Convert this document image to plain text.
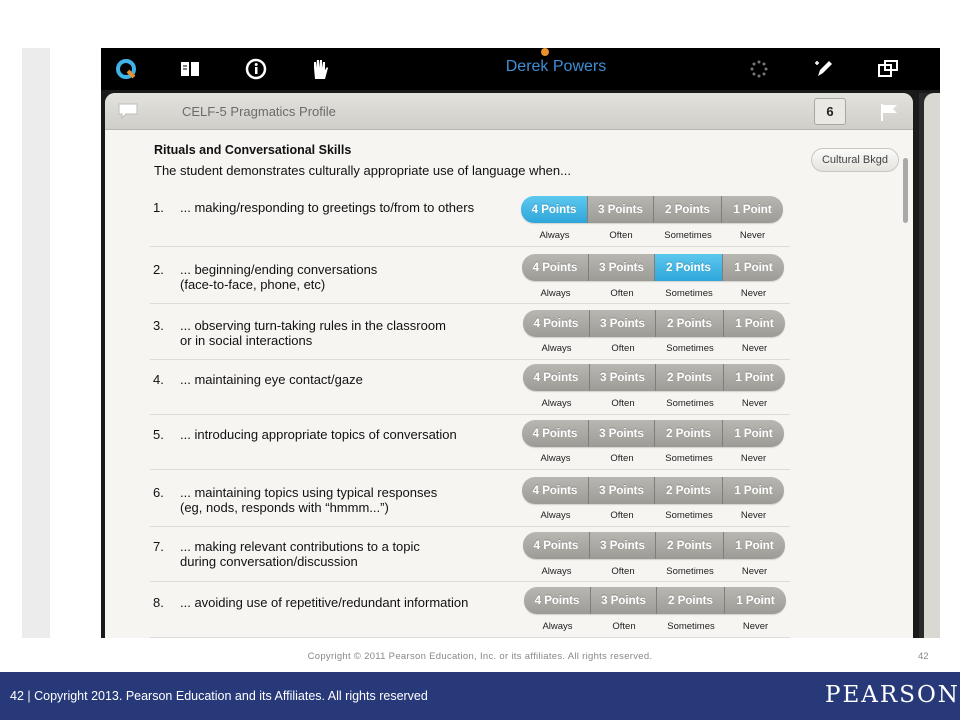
Derek Powers
CELF-5 Pragmatics Profile	6
Rituals and Conversational Skills
The student demonstrates culturally appropriate use of language when...
Cultural Bkgd
1. ... making/responding to greetings to/from to others	4 Points	3 Points	2 Points	1 Point
Always	Often	Sometimes	Never
2. ... beginning/ending conversations
(face-to-face, phone, etc)
4 Points	3 Points	2 Points	1 Point
Always	Often	Sometimes	Never
3. ... observing turn-taking rules in the classroom
or in social interactions
4 Points	3 Points	2 Points	1 Point
Always	Often	Sometimes	Never
4. ... maintaining eye contact/gaze	4 Points	3 Points	2 Points	1 Point
Always	Often	Sometimes	Never
5. ... introducing appropriate topics of conversation	4 Points	3 Points	2 Points	1 Point
Always	Often	Sometimes	Never
6. ... maintaining topics using typical responses
(eg, nods, responds with “hmmm...”)
4 Points	3 Points	2 Points	1 Point
Always	Often	Sometimes	Never
7. ... making relevant contributions to a topic
during conversation/discussion
4 Points	3 Points	2 Points	1 Point
Always	Often	Sometimes	Never
8. ... avoiding use of repetitive/redundant information	4 Points	3 Points	2 Points	1 Point
Always	Often	Sometimes	Never
Copyright © 2011 Pearson Education, Inc. or its affiliates. All rights reserved.	42
42 | Copyright 2013. Pearson Education and its Affiliates. All rights reserved	PEARSON
